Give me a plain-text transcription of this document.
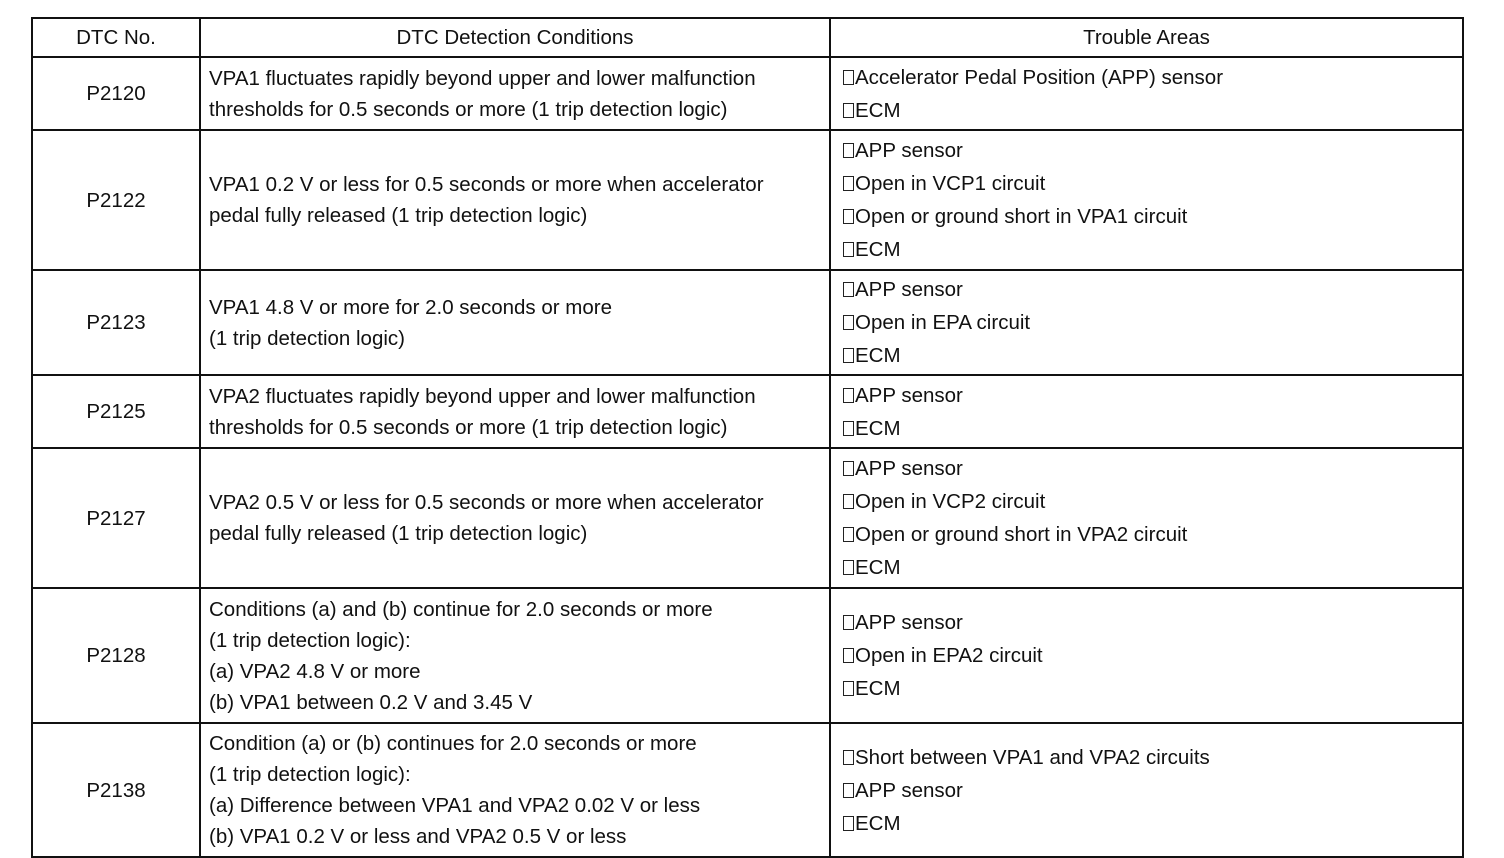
DTC No.	DTC Detection Conditions	Trouble Areas
P2120	VPA1 fluctuates rapidly beyond upper and lower malfunction
thresholds for 0.5 seconds or more (1 trip detection logic)	Accelerator Pedal Position (APP) sensor
ECM

P2122	VPA1 0.2 V or less for 0.5 seconds or more when accelerator
pedal fully released (1 trip detection logic)	APP sensor
Open in VCP1 circuit
Open or ground short in VPA1 circuit
ECM

P2123	VPA1 4.8 V or more for 2.0 seconds or more
(1 trip detection logic)	APP sensor
Open in EPA circuit
ECM

P2125	VPA2 fluctuates rapidly beyond upper and lower malfunction
thresholds for 0.5 seconds or more (1 trip detection logic)	APP sensor
ECM

P2127	VPA2 0.5 V or less for 0.5 seconds or more when accelerator
pedal fully released (1 trip detection logic)	APP sensor
Open in VCP2 circuit
Open or ground short in VPA2 circuit
ECM

P2128	Conditions (a) and (b) continue for 2.0 seconds or more
(1 trip detection logic):
(a) VPA2 4.8 V or more
(b) VPA1 between 0.2 V and 3.45 V	APP sensor
Open in EPA2 circuit
ECM

P2138	Condition (a) or (b) continues for 2.0 seconds or more
(1 trip detection logic):
(a) Difference between VPA1 and VPA2 0.02 V or less
(b) VPA1 0.2 V or less and VPA2 0.5 V or less	Short between VPA1 and VPA2 circuits
APP sensor
ECM
